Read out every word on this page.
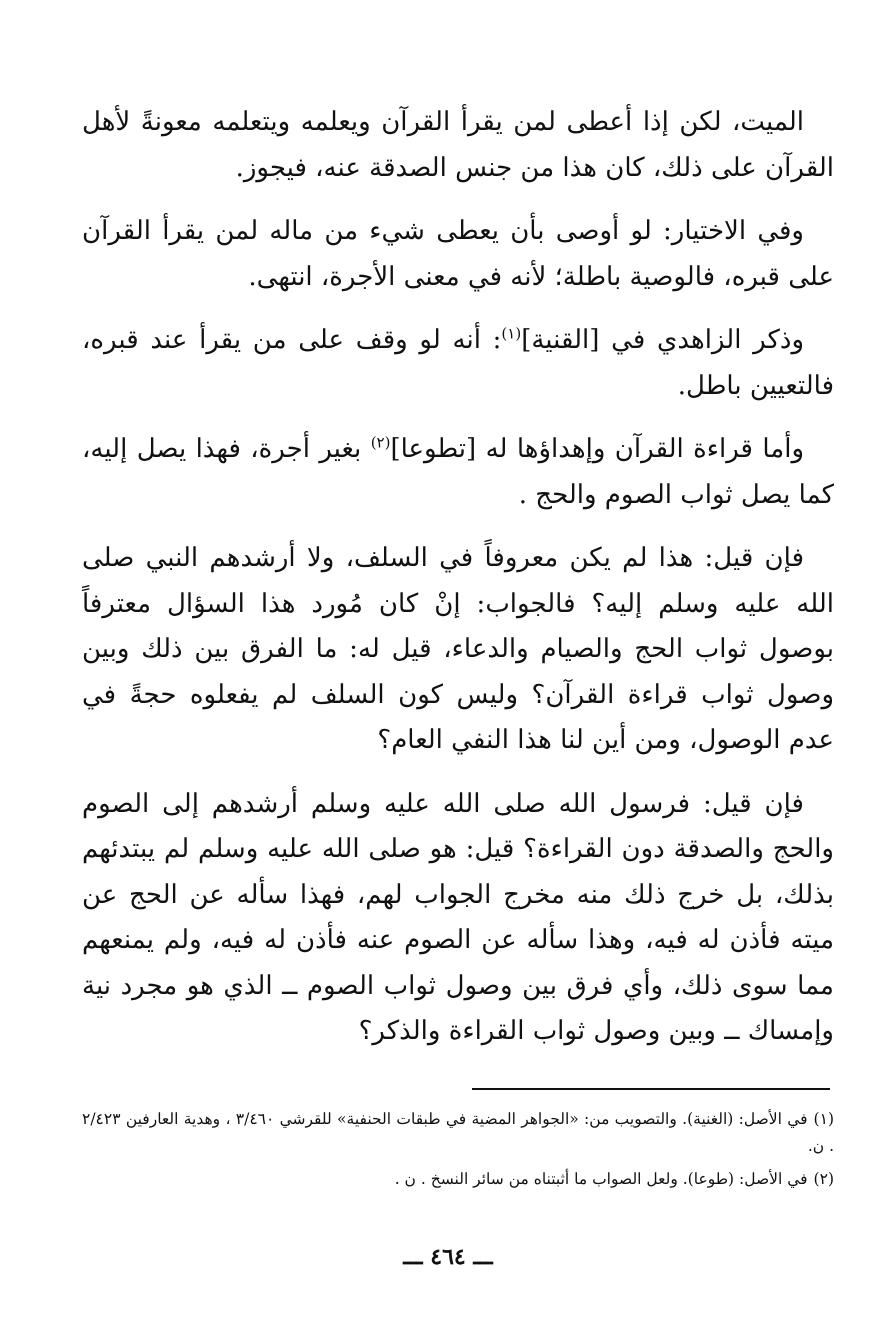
الميت، لكن إذا أعطى لمن يقرأ القرآن ويعلمه ويتعلمه معونةً لأهل القرآن على ذلك، كان هذا من جنس الصدقة عنه، فيجوز.

وفي الاختيار: لو أوصى بأن يعطى شيء من ماله لمن يقرأ القرآن على قبره، فالوصية باطلة؛ لأنه في معنى الأجرة، انتهى.

وذكر الزاهدي في [القنية]$^{(١)}$: أنه لو وقف على من يقرأ عند قبره، فالتعيين باطل.

وأما قراءة القرآن وإهداؤها له [تطوعا]$^{(٢)}$ بغير أجرة، فهذا يصل إليه، كما يصل ثواب الصوم والحج .

فإن قيل: هذا لم يكن معروفاً في السلف، ولا أرشدهم النبي صلى الله عليه وسلم إليه؟ فالجواب: إنْ كان مُورد هذا السؤال معترفاً بوصول ثواب الحج والصيام والدعاء، قيل له: ما الفرق بين ذلك وبين وصول ثواب قراءة القرآن؟ وليس كون السلف لم يفعلوه حجةً في عدم الوصول، ومن أين لنا هذا النفي العام؟

فإن قيل: فرسول الله صلى الله عليه وسلم أرشدهم إلى الصوم والحج والصدقة دون القراءة؟ قيل: هو صلى الله عليه وسلم لم يبتدئهم بذلك، بل خرج ذلك منه مخرج الجواب لهم، فهذا سأله عن الحج عن ميته فأذن له فيه، وهذا سأله عن الصوم عنه فأذن له فيه، ولم يمنعهم مما سوى ذلك، وأي فرق بين وصول ثواب الصوم ــ الذي هو مجرد نية وإمساك ــ وبين وصول ثواب القراءة والذكر؟

(١)في الأصل: (الغنية). والتصويب من: «الجواهر المضية في طبقات الحنفية» للقرشي ٣/٤٦٠ ، وهدية العارفين ٢/٤٢٣ . ن.

(٢)في الأصل: (طوعا). ولعل الصواب ما أثبتناه من سائر النسخ . ن .

ـــ ٤٦٤ ـــ
